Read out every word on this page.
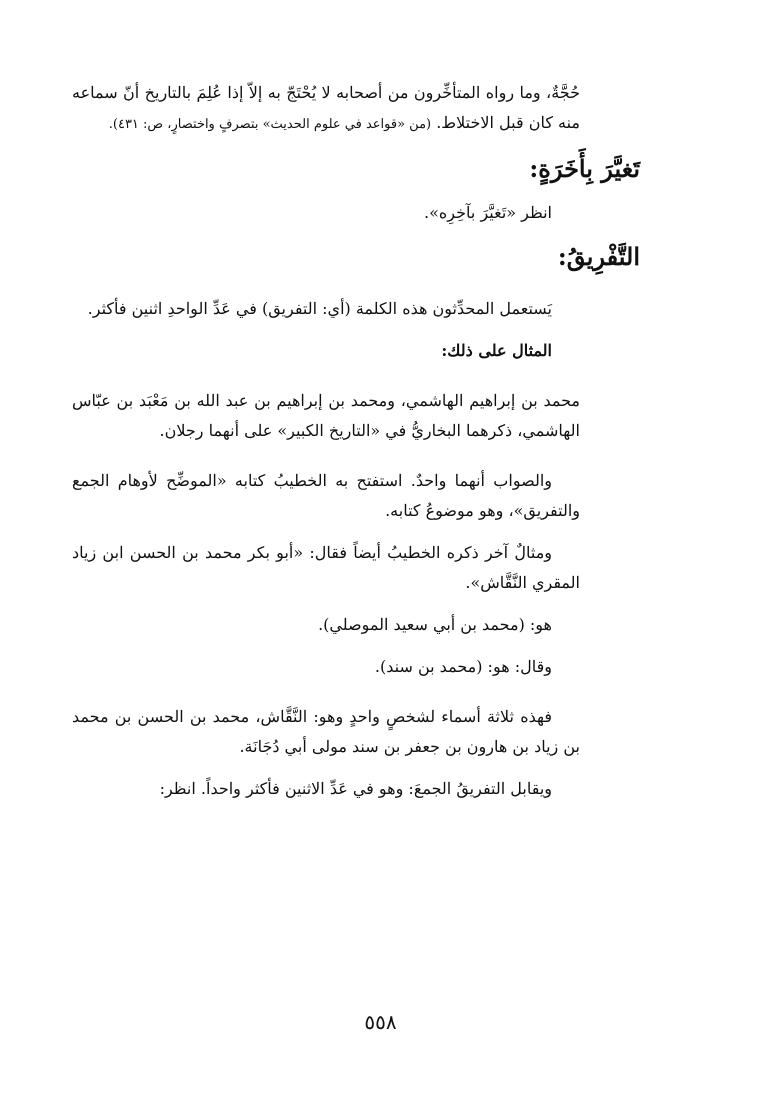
حُجَّةٌ، وما رواه المتأخِّرون من أصحابه لا يُحْتَجّ به إلاّ إذا عُلِمَ بالتاريخ أنّ سماعه منه كان قبل الاختلاط. (من «قواعد في علوم الحديث» بتصرفٍ واختصارٍ، ص: ٤٣١).

تَغيَّرَ بِأَخَرَةٍ:

انظر «تَغيَّرَ بآخِرِه».

التَّفْرِيقُ:

يَستعمل المحدِّثون هذه الكلمة (أي: التفريق) في عَدِّ الواحدِ اثنين فأكثر.

المثال على ذلك:

محمد بن إبراهيم الهاشمي، ومحمد بن إبراهيم بن عبد الله بن مَعْبَد بن عبّاس الهاشمي، ذكرهما البخاريُّ في «التاريخ الكبير» على أنهما رجلان.

والصواب أنهما واحدٌ. استفتح به الخطيبُ كتابه «الموضِّح لأوهام الجمع والتفريق»، وهو موضوعُ كتابه.

ومثالٌ آخر ذكره الخطيبُ أيضاً فقال: «أبو بكر محمد بن الحسن ابن زياد المقري النَّقَّاش».

هو: (محمد بن أبي سعيد الموصلي).

وقال: هو: (محمد بن سند).

فهذه ثلاثة أسماء لشخصٍ واحدٍ وهو: النَّقَّاش، محمد بن الحسن بن محمد بن زياد بن هارون بن جعفر بن سند مولى أبي دُجَانَة.

ويقابل التفريقُ الجمعَ: وهو في عَدِّ الاثنين فأكثر واحداً. انظر:

٥٥٨
